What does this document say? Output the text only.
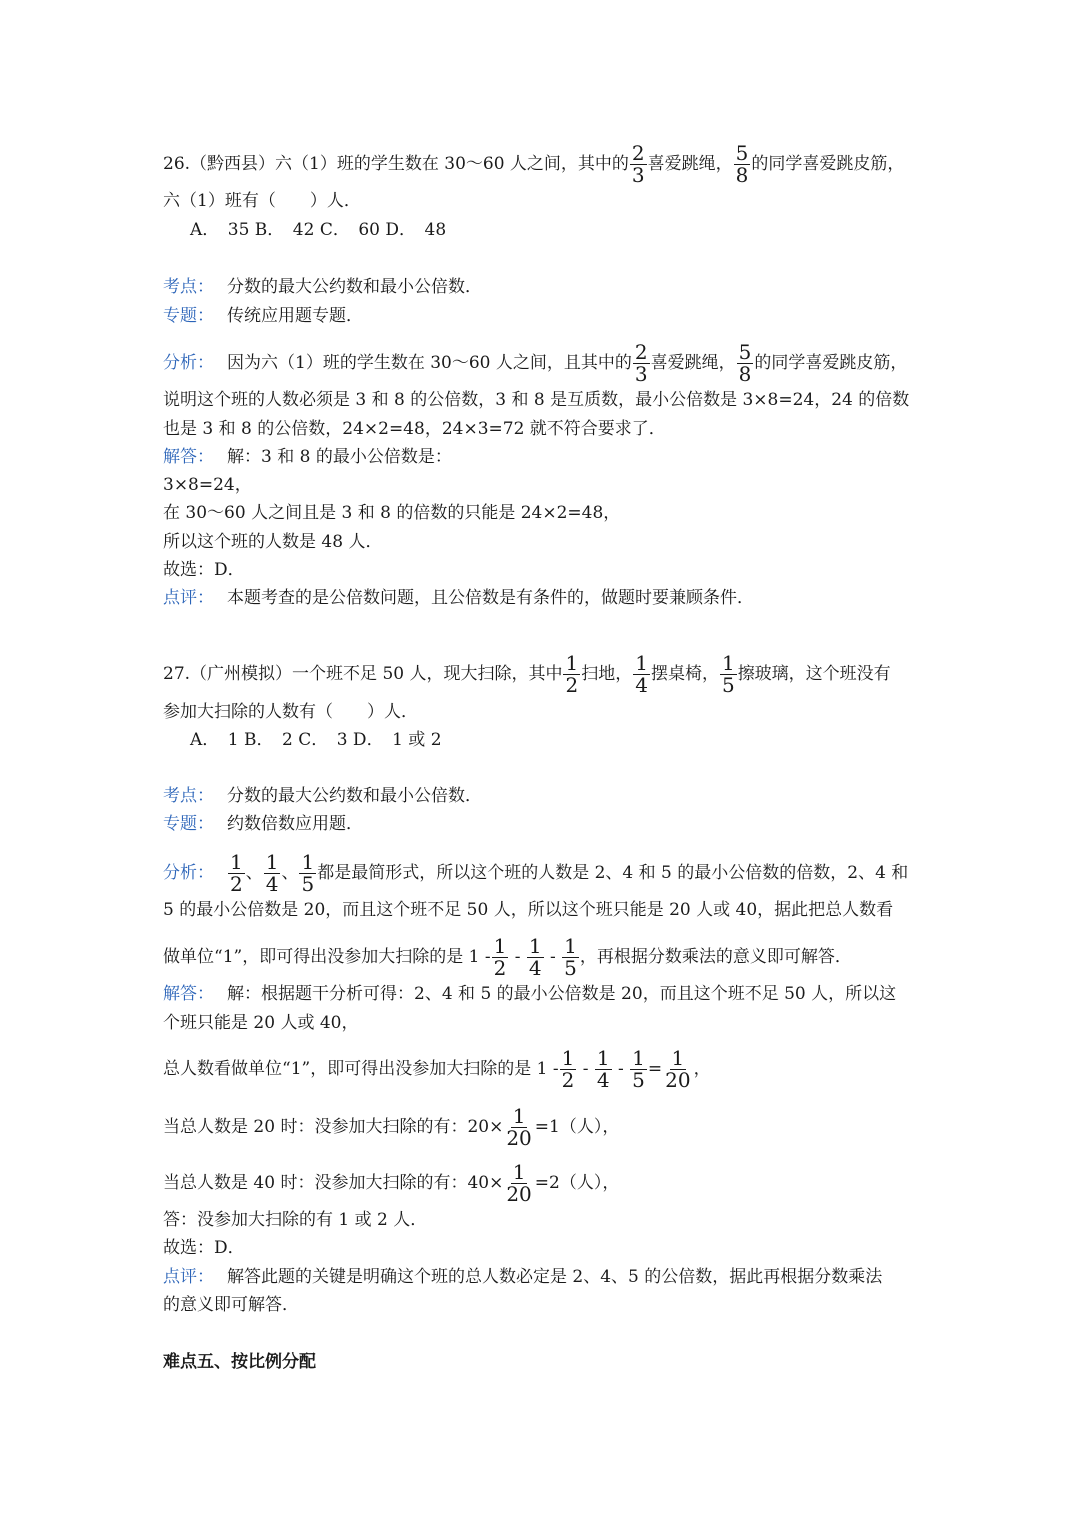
26.（黔西县）六（1）班的学生数在 30～60 人之间，其中的 $\frac{2}{3}$ 喜爱跳绳， $\frac{5}{8}$ 的同学喜爱跳皮筋，
六（1）班有（　　）人．
A．　35 B．　42 C．　60 D．　48
考点： 分数的最大公约数和最小公倍数．
专题： 传统应用题专题．
分析： 因为六（1）班的学生数在 30～60 人之间，且其中的 $\frac{2}{3}$ 喜爱跳绳， $\frac{5}{8}$ 的同学喜爱跳皮筋，
说明这个班的人数必须是 3 和 8 的公倍数，3 和 8 是互质数，最小公倍数是 3×8=24，24 的倍数
也是 3 和 8 的公倍数，24×2=48，24×3=72 就不符合要求了．
解答： 解：3 和 8 的最小公倍数是：
3×8=24，
在 30～60 人之间且是 3 和 8 的倍数的只能是 24×2=48，
所以这个班的人数是 48 人．
故选：D．
点评： 本题考查的是公倍数问题，且公倍数是有条件的，做题时要兼顾条件．
27.（广州模拟）一个班不足 50 人，现大扫除，其中 $\frac{1}{2}$ 扫地， $\frac{1}{4}$ 摆桌椅， $\frac{1}{5}$ 擦玻璃，这个班没有
参加大扫除的人数有（　　）人．
A．　1 B．　2 C．　3 D．　1 或 2
考点： 分数的最大公约数和最小公倍数．
专题： 约数倍数应用题．
分析： $\frac{1}{2}$ 、 $\frac{1}{4}$ 、 $\frac{1}{5}$ 都是最简形式，所以这个班的人数是 2、4 和 5 的最小公倍数的倍数，2、4 和
5 的最小公倍数是 20，而且这个班不足 50 人，所以这个班只能是 20 人或 40，据此把总人数看
做单位“1”，即可得出没参加大扫除的是 $1 - \frac{1}{2} - \frac{1}{4} - \frac{1}{5}$ ，再根据分数乘法的意义即可解答．
解答： 解：根据题干分析可得：2、4 和 5 的最小公倍数是 20，而且这个班不足 50 人，所以这
个班只能是 20 人或 40，
总人数看做单位“1”，即可得出没参加大扫除的是 $1 - \frac{1}{2} - \frac{1}{4} - \frac{1}{5} = \frac{1}{20}$ ，
当总人数是 20 时：没参加大扫除的有：$20\times \frac{1}{20} =1$（人），
当总人数是 40 时：没参加大扫除的有：$40\times \frac{1}{20} =2$（人），
答：没参加大扫除的有 1 或 2 人．
故选：D．
点评： 解答此题的关键是明确这个班的总人数必定是 2、4、5 的公倍数，据此再根据分数乘法
的意义即可解答．
难点五、按比例分配
